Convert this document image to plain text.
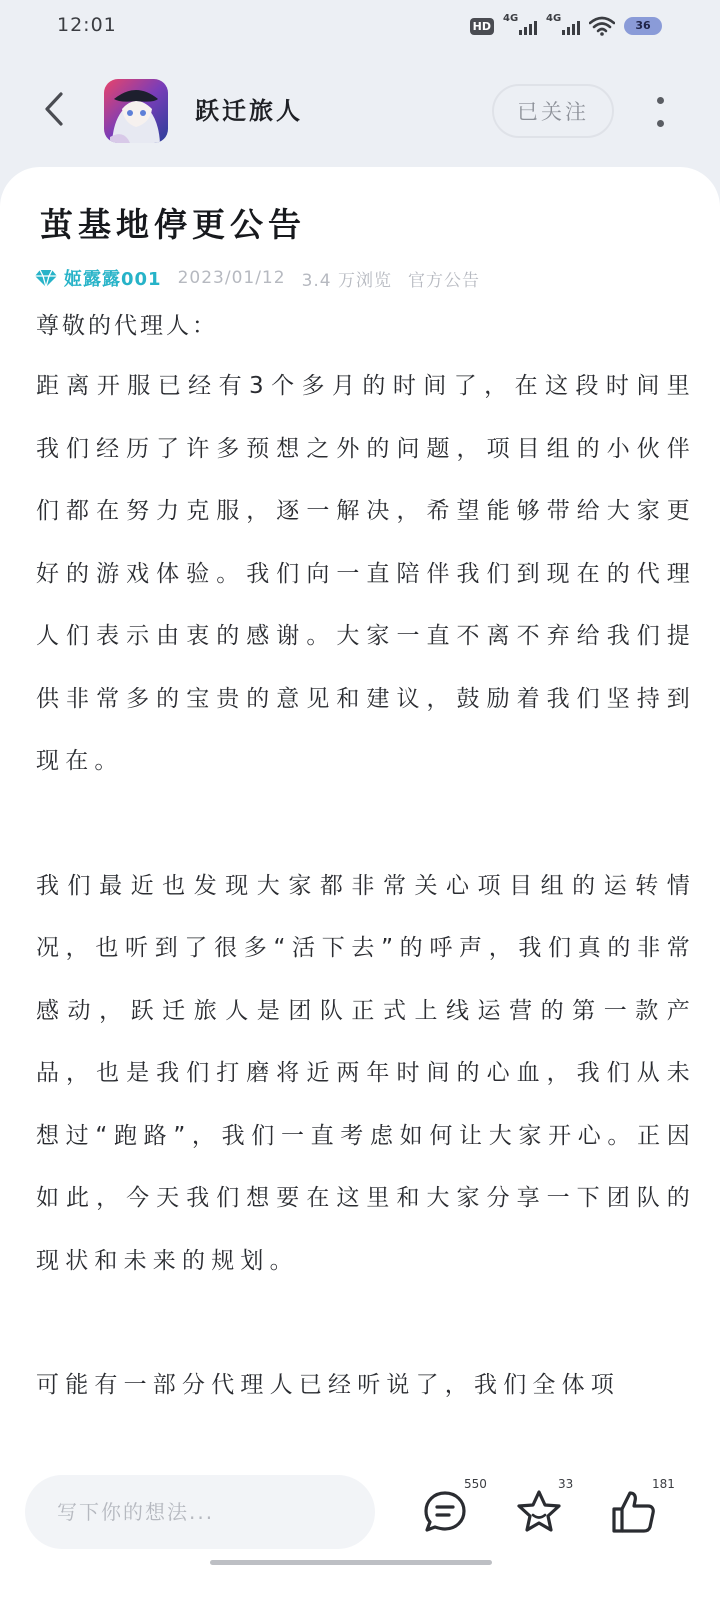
12:01	HD
4G	4G
36
跃迁旅人	已关注
茧基地停更公告
姬露露001 2023/01/12 3.4 万浏览 官方公告

尊敬的代理人：

距离开服已经有3个多月的时间了，在这段时间里我们经历了许多预想之外的问题，项目组的小伙伴们都在努力克服，逐一解决，希望能够带给大家更好的游戏体验。我们向一直陪伴我们到现在的代理人们表示由衷的感谢。大家一直不离不弃给我们提供非常多的宝贵的意见和建议，鼓励着我们坚持到现在。

我们最近也发现大家都非常关心项目组的运转情况，也听到了很多“活下去”的呼声，我们真的非常感动，跃迁旅人是团队正式上线运营的第一款产品，也是我们打磨将近两年时间的心血，我们从未想过“跑路”，我们一直考虑如何让大家开心。正因如此，今天我们想要在这里和大家分享一下团队的现状和未来的规划。

可能有一部分代理人已经听说了，我们全体项

写下你的想法...
550	33	181
